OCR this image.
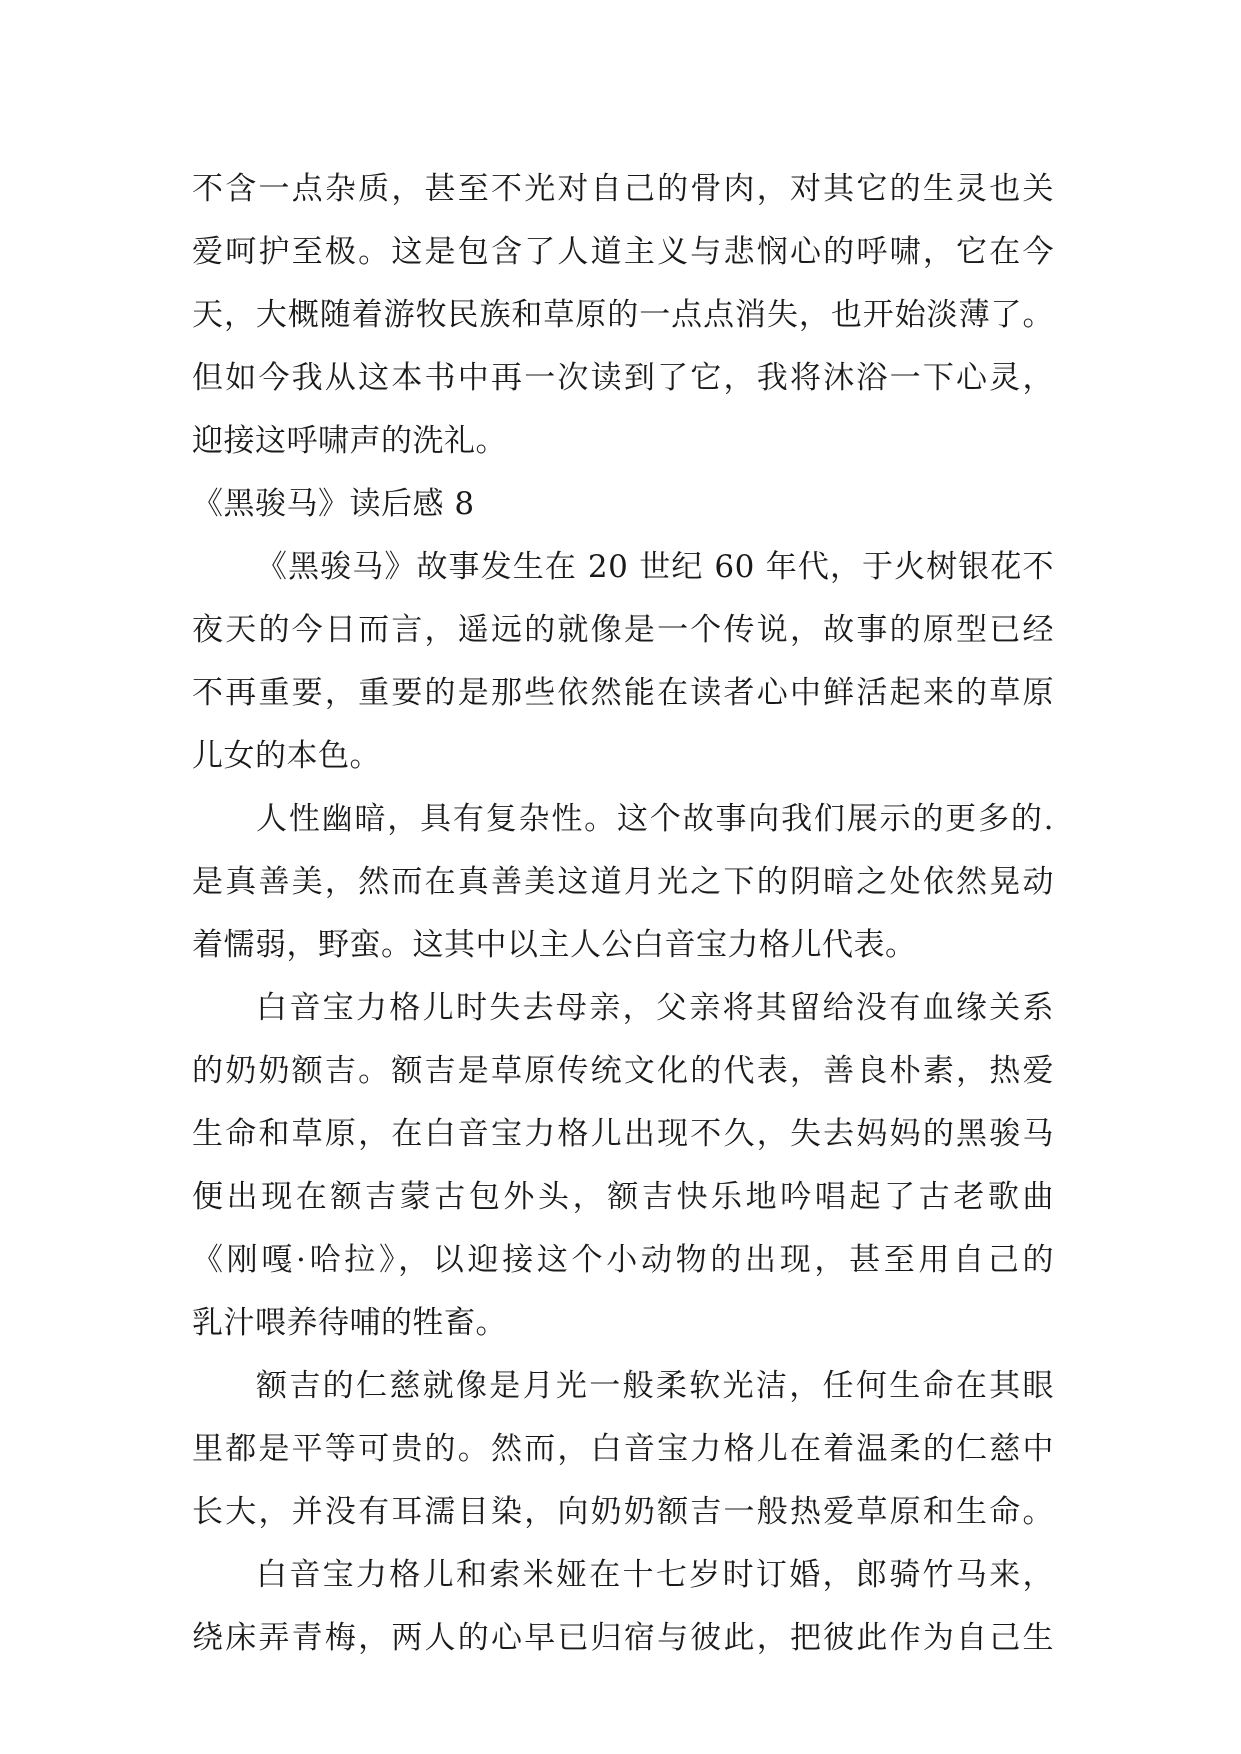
不含一点杂质，甚至不光对自己的骨肉，对其它的生灵也关
爱呵护至极。这是包含了人道主义与悲悯心的呼啸，它在今
天，大概随着游牧民族和草原的一点点消失，也开始淡薄了。
但如今我从这本书中再一次读到了它，我将沐浴一下心灵，
迎接这呼啸声的洗礼。
《黑骏马》读后感 8
《黑骏马》故事发生在 20 世纪 60 年代，于火树银花不
夜天的今日而言，遥远的就像是一个传说，故事的原型已经
不再重要，重要的是那些依然能在读者心中鲜活起来的草原
儿女的本色。
人性幽暗，具有复杂性。这个故事向我们展示的更多的.
是真善美，然而在真善美这道月光之下的阴暗之处依然晃动
着懦弱，野蛮。这其中以主人公白音宝力格儿代表。
白音宝力格儿时失去母亲，父亲将其留给没有血缘关系
的奶奶额吉。额吉是草原传统文化的代表，善良朴素，热爱
生命和草原，在白音宝力格儿出现不久，失去妈妈的黑骏马
便出现在额吉蒙古包外头，额吉快乐地吟唱起了古老歌曲
《刚嘎·哈拉》，以迎接这个小动物的出现，甚至用自己的
乳汁喂养待哺的牲畜。
额吉的仁慈就像是月光一般柔软光洁，任何生命在其眼
里都是平等可贵的。然而，白音宝力格儿在着温柔的仁慈中
长大，并没有耳濡目染，向奶奶额吉一般热爱草原和生命。
白音宝力格儿和索米娅在十七岁时订婚，郎骑竹马来，
绕床弄青梅，两人的心早已归宿与彼此，把彼此作为自己生
